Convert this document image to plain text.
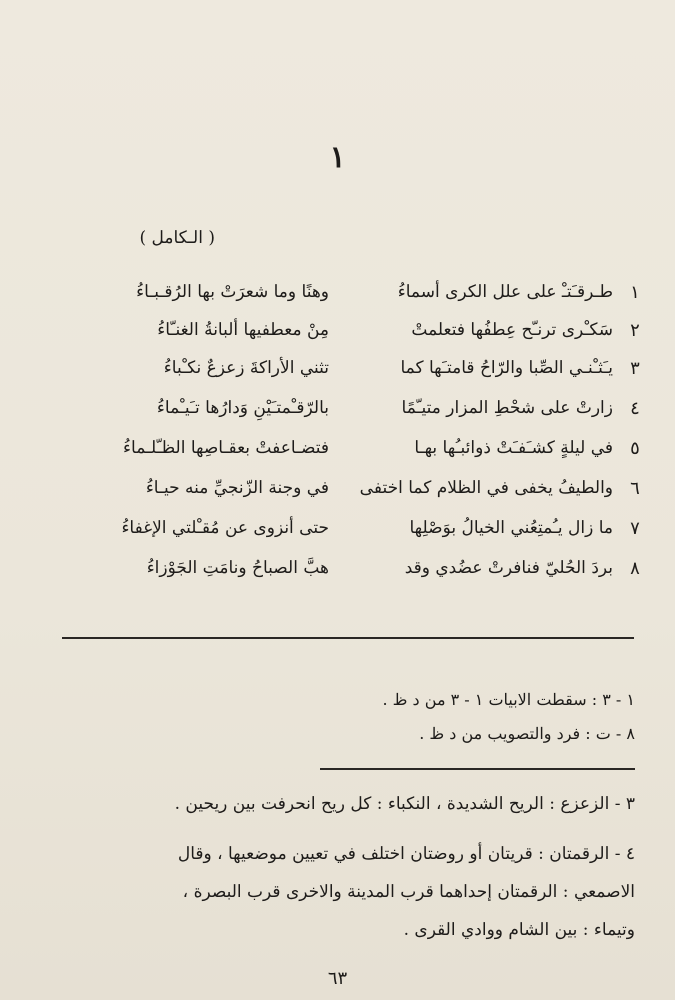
١
( الـكامل )
١
طـرقـَتـْ على علل الكرى أسماءُ
وهنًا وما شعرَتْ بها الرُقـبـاءُ
٢
سَكـْرى ترنـّح عِطفُها فتعلمتْ
مِنْ معطفيها ألبانةُ الغنـّاءُ
٣
يـَثـْنـي الصِّبا والرّاحُ قامتـَها كما
تثني الأراكةَ زعزعٌ نكـْباءُ
٤
زارتْ على شحْطِ المزار متيـّمًا
بالرّقـْمتـَيْنِ وَدارُها تـَيـْماءُ
٥
في ليلةٍ كشـَفـَتْ ذوائبـُها بهـا
فتضـاعفتْ بعقـاصِها الظـّلـماءُ
٦
والطيفُ يخفى في الظلام كما اختفى
في وجنة الزّنجيِّ منه حيـاءُ
٧
ما زال يـُمتِعُني الخيالُ بوَصْلِها
حتى أنزوى عن مُقـْلتي الإغفاءُ
٨
بردَ الحُليّ فنافرتْ عضُدي وقد
هبَّ الصباحُ ونامَتِ الجَوْزاءُ
١ - ٣ : سقطت الابيات ١ - ٣ من د ظ .
٨ - ت : فرد والتصويب من د ظ .
٣ - الزعزع : الريح الشديدة ، النكباء : كل ريح انحرفت بين ريحين .
٤ - الرقمتان : قريتان أو روضتان اختلف في تعيين موضعيها ، وقال
الاصمعي : الرقمتان إحداهما قرب المدينة والاخرى قرب البصرة ،
وتيماء : بين الشام ووادي القرى .
٦٣
